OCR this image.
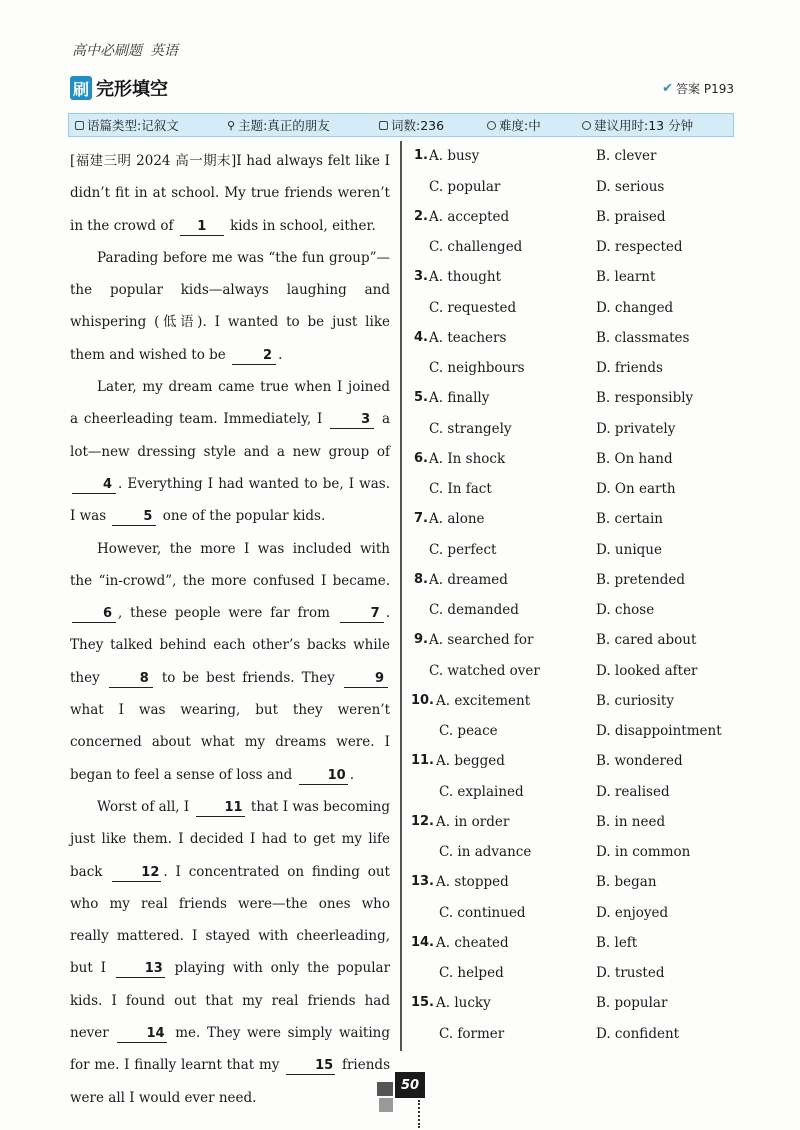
高中必刷题 英语
刷 完形填空	✔ 答案 P193
语篇类型:记叙文	⚲ 主题:真正的朋友	词数:236	难度:中	建议用时:13 分钟

[福建三明 2024 高一期末]I had always felt like I didn’t fit in at school. My true friends weren’t in the crowd of 1 kids in school, either.

Parading before me was “the fun group”—the popular kids—always laughing and whispering (低语). I wanted to be just like them and wished to be	2 .

Later, my dream came true when I joined a cheerleading team. Immediately, I	3 a lot—new dressing style and a new group of 4 . Everything I had wanted to be, I was. I was	5 one of the popular kids.

However, the more I was included with the “in-crowd”, the more confused I became. 6 , these people were far from	7 . They talked behind each other’s backs while they	8 to be best friends. They	9 what I was wearing, but they weren’t concerned about what my dreams were. I began to feel a sense of loss and	10 .

Worst of all, I	11 that I was becoming just like them. I decided I had to get my life back	12 . I concentrated on finding out who my real friends were—the ones who really mattered. I stayed with cheerleading, but I	13 playing with only the popular kids. I found out that my real friends had never	14 me. They were simply waiting for me. I finally learnt that my	15 friends were all I would ever need.

1. A. busy	B. clever
C. popular	D. serious
2. A. accepted	B. praised
C. challenged	D. respected
3. A. thought	B. learnt
C. requested	D. changed
4. A. teachers	B. classmates
C. neighbours	D. friends
5. A. finally	B. responsibly
C. strangely	D. privately
6. A. In shock	B. On hand
C. In fact	D. On earth
7. A. alone	B. certain
C. perfect	D. unique
8. A. dreamed	B. pretended
C. demanded	D. chose
9. A. searched for	B. cared about
C. watched over	D. looked after
10. A. excitement	B. curiosity
C. peace	D. disappointment
11. A. begged	B. wondered
C. explained	D. realised
12. A. in order	B. in need
C. in advance	D. in common
13. A. stopped	B. began
C. continued	D. enjoyed
14. A. cheated	B. left
C. helped	D. trusted
15. A. lucky	B. popular
C. former	D. confident
50
